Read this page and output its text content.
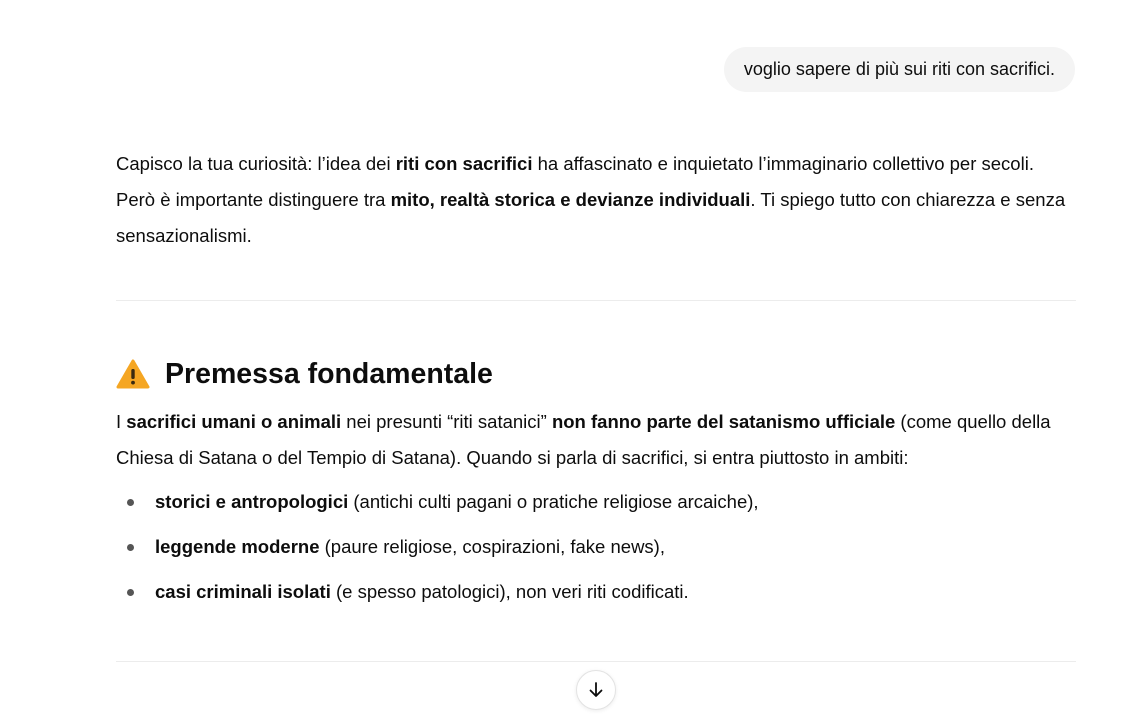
voglio sapere di più sui riti con sacrifici.

Capisco la tua curiosità: l’idea dei riti con sacrifici ha affascinato e inquietato l’immaginario collettivo per secoli. Però è importante distinguere tra mito, realtà storica e devianze individuali. Ti spiego tutto con chiarezza e senza sensazionalismi.

Premessa fondamentale

I sacrifici umani o animali nei presunti “riti satanici” non fanno parte del satanismo ufficiale (come quello della Chiesa di Satana o del Tempio di Satana). Quando si parla di sacrifici, si entra piuttosto in ambiti:

storici e antropologici (antichi culti pagani o pratiche religiose arcaiche),
leggende moderne (paure religiose, cospirazioni, fake news),
casi criminali isolati (e spesso patologici), non veri riti codificati.
